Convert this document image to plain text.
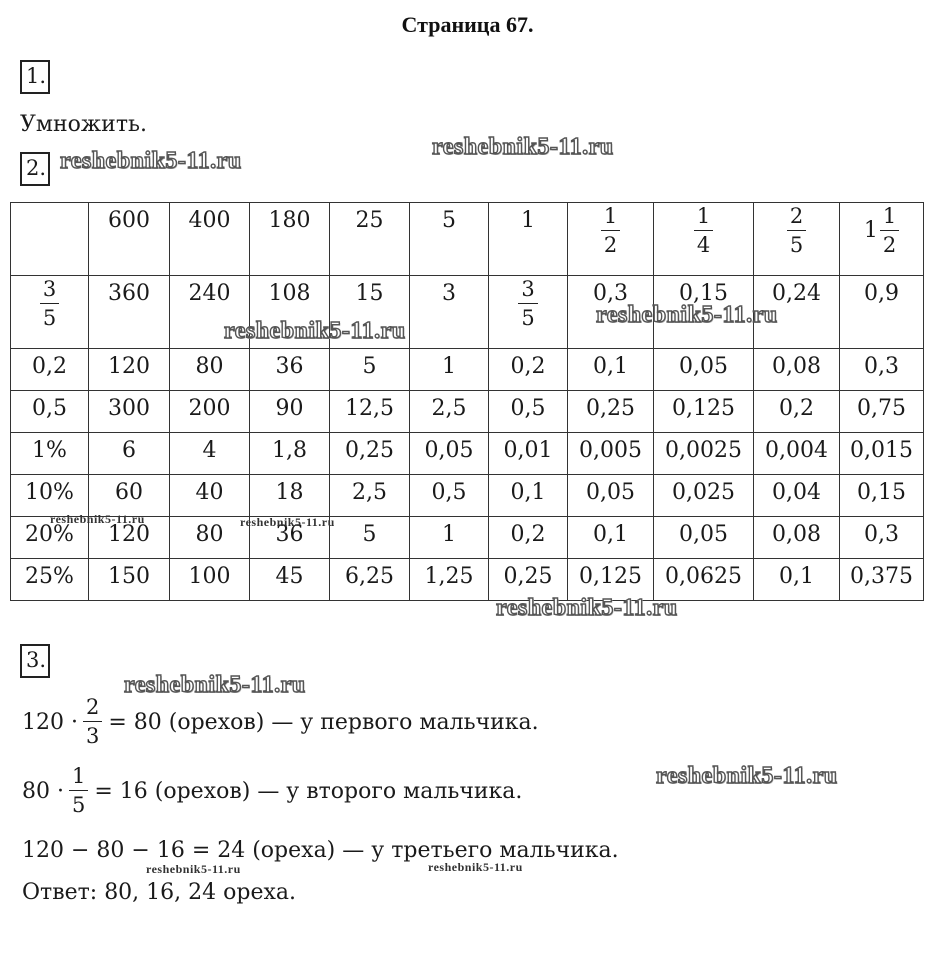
Страница 67.
1.
Умножить.
2.
	600	400	180	25	5	1	$\frac{1}{2}$	$\frac{1}{4}$	$\frac{2}{5}$	$1 \frac{1}{2}$

$\frac{3}{5}$	360	240	108	15	3	$\frac{3}{5}$	0,3	0,15	0,24	0,9
0,2	120	80	36	5	1	0,2	0,1	0,05	0,08	0,3
0,5	300	200	90	12,5	2,5	0,5	0,25	0,125	0,2	0,75
1%	6	4	1,8	0,25	0,05	0,01	0,005	0,0025	0,004	0,015
10%	60	40	18	2,5	0,5	0,1	0,05	0,025	0,04	0,15
20%	120	80	36	5	1	0,2	0,1	0,05	0,08	0,3
25%	150	100	45	6,25	1,25	0,25	0,125	0,0625	0,1	0,375
3.
$120 \cdot \frac{2}{3} = 80$ (орехов) — у первого мальчика.
$80 \cdot \frac{1}{5} = 16$ (орехов) — у второго мальчика.
120 − 80 − 16 = 24 (ореха) — у третьего мальчика.
Ответ: 80, 16, 24 ореха.
reshebnik5-11.ru
reshebnik5-11.ru
reshebnik5-11.ru
reshebnik5-11.ru
reshebnik5-11.ru	reshebnik5-11.ru
reshebnik5-11.ru
reshebnik5-11.ru
reshebnik5-11.ru
reshebnik5-11.ru	reshebnik5-11.ru
